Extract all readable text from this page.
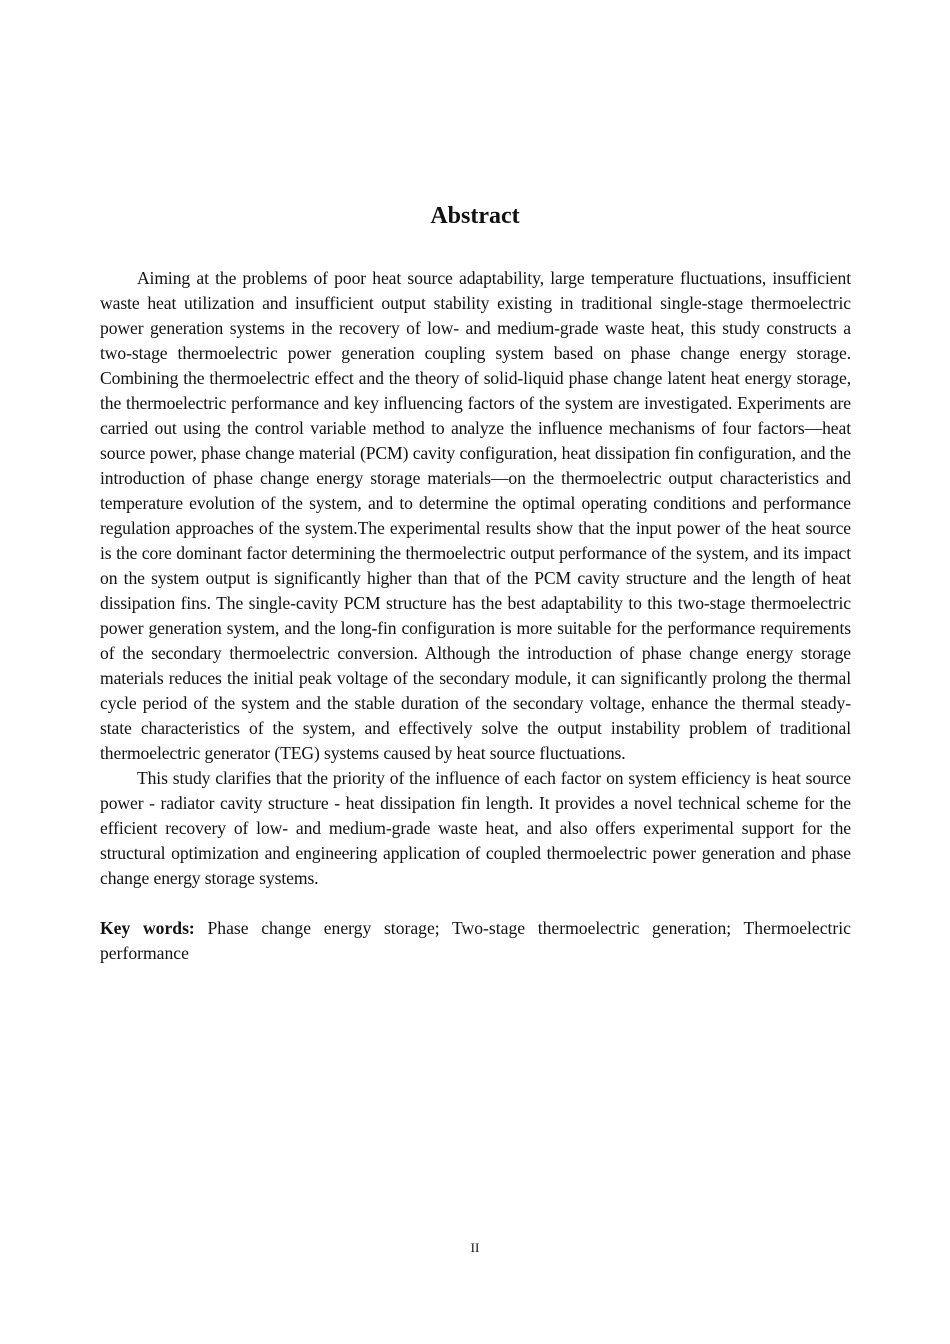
Abstract

Aiming at the problems of poor heat source adaptability, large temperature fluctuations, insufficient waste heat utilization and insufficient output stability existing in traditional single-stage thermoelectric power generation systems in the recovery of low- and medium-grade waste heat, this study constructs a two-stage thermoelectric power generation coupling system based on phase change energy storage. Combining the thermoelectric effect and the theory of solid-liquid phase change latent heat energy storage, the thermoelectric performance and key influencing factors of the system are investigated. Experiments are carried out using the control variable method to analyze the influence mechanisms of four factors—heat source power, phase change material (PCM) cavity configuration, heat dissipation fin configuration, and the introduction of phase change energy storage materials—on the thermoelectric output characteristics and temperature evolution of the system, and to determine the optimal operating conditions and performance regulation approaches of the system.The experimental results show that the input power of the heat source is the core dominant factor determining the thermoelectric output performance of the system, and its impact on the system output is significantly higher than that of the PCM cavity structure and the length of heat dissipation fins. The single-cavity PCM structure has the best adaptability to this two-stage thermoelectric power generation system, and the long-fin configuration is more suitable for the performance requirements of the secondary thermoelectric conversion. Although the introduction of phase change energy storage materials reduces the initial peak voltage of the secondary module, it can significantly prolong the thermal cycle period of the system and the stable duration of the secondary voltage, enhance the thermal steady-state characteristics of the system, and effectively solve the output instability problem of traditional thermoelectric generator (TEG) systems caused by heat source fluctuations.

This study clarifies that the priority of the influence of each factor on system efficiency is heat source power - radiator cavity structure - heat dissipation fin length. It provides a novel technical scheme for the efficient recovery of low- and medium-grade waste heat, and also offers experimental support for the structural optimization and engineering application of coupled thermoelectric power generation and phase change energy storage systems.

Key words: Phase change energy storage; Two-stage thermoelectric generation; Thermoelectric performance

II
